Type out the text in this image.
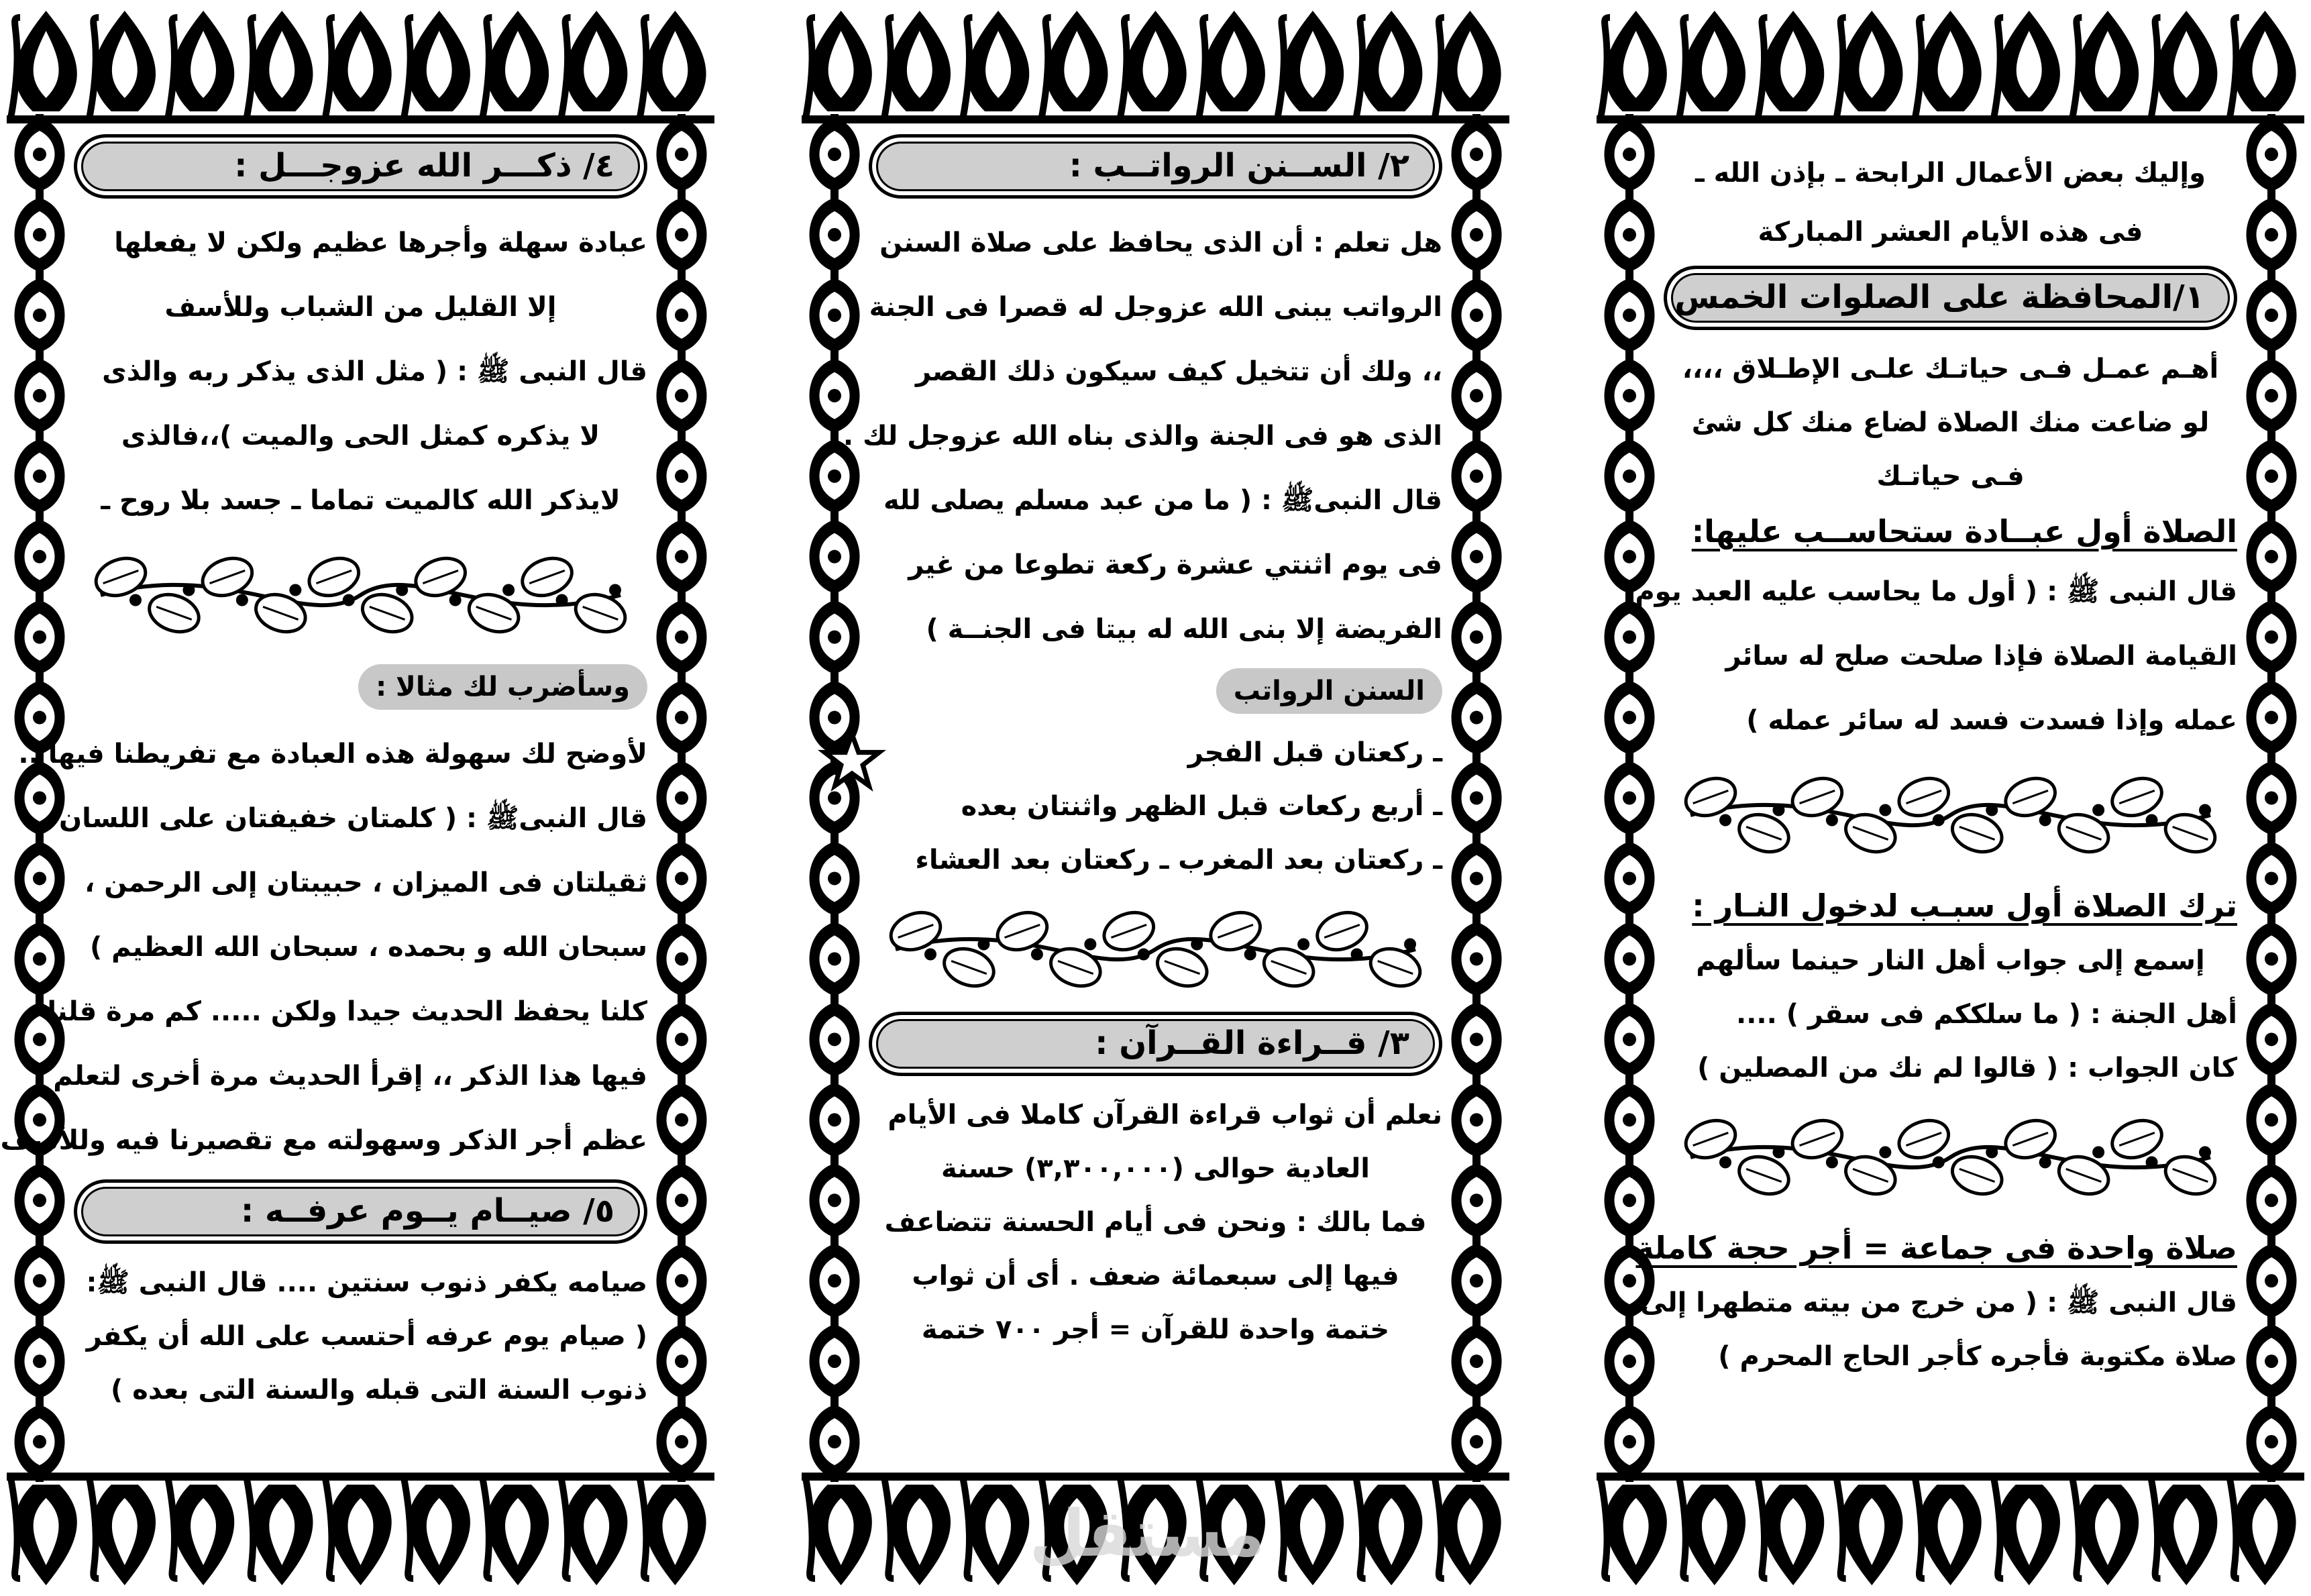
٤/ ذكـــر الله عزوجـــل :
عبادة سهلة وأجرها عظيم ولكن لا يفعلها
إلا القليل من الشباب وللأسف
قال النبى ﷺ : ( مثل الذى يذكر ربه والذى
لا يذكره كمثل الحى والميت )،،فالذى
لايذكر الله كالميت تماما ـ جسد بلا روح ـ
وسأضرب لك مثالا :
لأوضح لك سهولة هذه العبادة مع تفريطنا فيها ..
قال النبىﷺ : ( كلمتان خفيفتان على اللسان ،
ثقيلتان فى الميزان ، حبيبتان إلى الرحمن ،
سبحان الله و بحمده ، سبحان الله العظيم )
كلنا يحفظ الحديث جيدا ولكن ..... كم مرة قلنا
فيها هذا الذكر ،، إقرأ الحديث مرة أخرى لتعلم
عظم أجر الذكر وسهولته مع تقصيرنا فيه وللأسف
٥/ صيــام يــوم عرفــه :
صيامه يكفر ذنوب سنتين .... قال النبى ﷺ:
( صيام يوم عرفه أحتسب على الله أن يكفر
ذنوب السنة التى قبله والسنة التى بعده )
٢/ الســنن الرواتــب :
هل تعلم : أن الذى يحافظ على صلاة السنن
الرواتب يبنى الله عزوجل له قصرا فى الجنة
،، ولك أن تتخيل كيف سيكون ذلك القصر
الذى هو فى الجنة والذى بناه الله عزوجل لك .
قال النبىﷺ : ( ما من عبد مسلم يصلى لله
فى يوم اثنتي عشرة ركعة تطوعا من غير
الفريضة إلا بنى الله له بيتا فى الجنــة )
السنن الرواتب
ـ ركعتان قبل الفجر
ـ أربع ركعات قبل الظهر واثنتان بعده
ـ ركعتان بعد المغرب ـ ركعتان بعد العشاء
٣/ قــراءة القــرآن :
نعلم أن ثواب قراءة القرآن كاملا فى الأيام
العادية حوالى (٣,٣٠٠,٠٠٠) حسنة
فما بالك : ونحن فى أيام الحسنة تتضاعف
فيها إلى سبعمائة ضعف . أى أن ثواب
ختمة واحدة للقرآن = أجر ٧٠٠ ختمة
وإليك بعض الأعمال الرابحة ـ بإذن الله ـ
فى هذه الأيام العشر المباركة
١/المحافظة على الصلوات الخمس
أهـم عمـل فـى حياتـك علـى الإطـلاق ،،،،
لو ضاعت منك الصلاة لضاع منك كل شئ
فـى حياتـك
الصلاة أول عبــادة ستحاســب عليها:
قال النبى ﷺ : ( أول ما يحاسب عليه العبد يوم
القيامة الصلاة فإذا صلحت صلح له سائر
عمله وإذا فسدت فسد له سائر عمله )
ترك الصلاة أول سبـب لدخول النـار :
إسمع إلى جواب أهل النار حينما سألهم
أهل الجنة : ( ما سلككم فى سقر ) ....
كان الجواب : ( قالوا لم نك من المصلين )
صلاة واحدة فى جماعة = أجر حجة كاملة
قال النبى ﷺ : ( من خرج من بيته متطهرا إلى
صلاة مكتوبة فأجره كأجر الحاج المحرم )
مستقل
